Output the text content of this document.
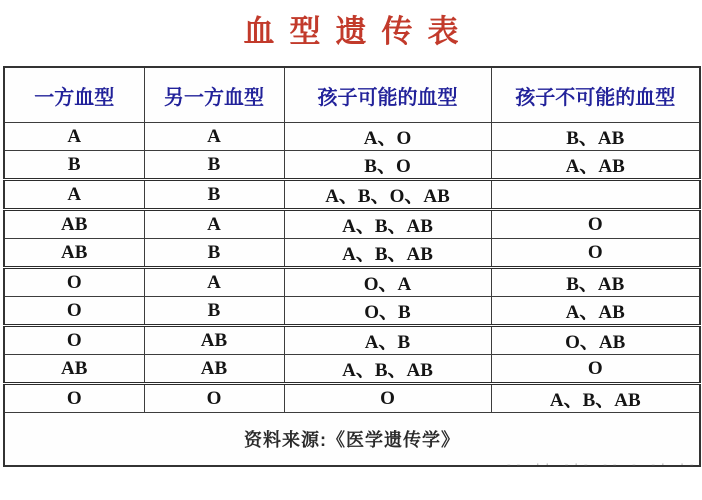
血型遗传表
一方血型	另一方血型	孩子可能的血型	孩子不可能的血型
A	A	A、O	B、AB
B	B	B、O	A、AB
A	B	A、B、O、AB	
AB	A	A、B、AB	O
AB	B	A、B、AB	O
O	A	O、A	B、AB
O	B	O、B	A、AB
O	AB	A、B	O、AB
AB	AB	A、B、AB	O
O	O	O	A、B、AB
资料来源:《医学遗传学》			
-- ·· -·- -- - -· ·-
